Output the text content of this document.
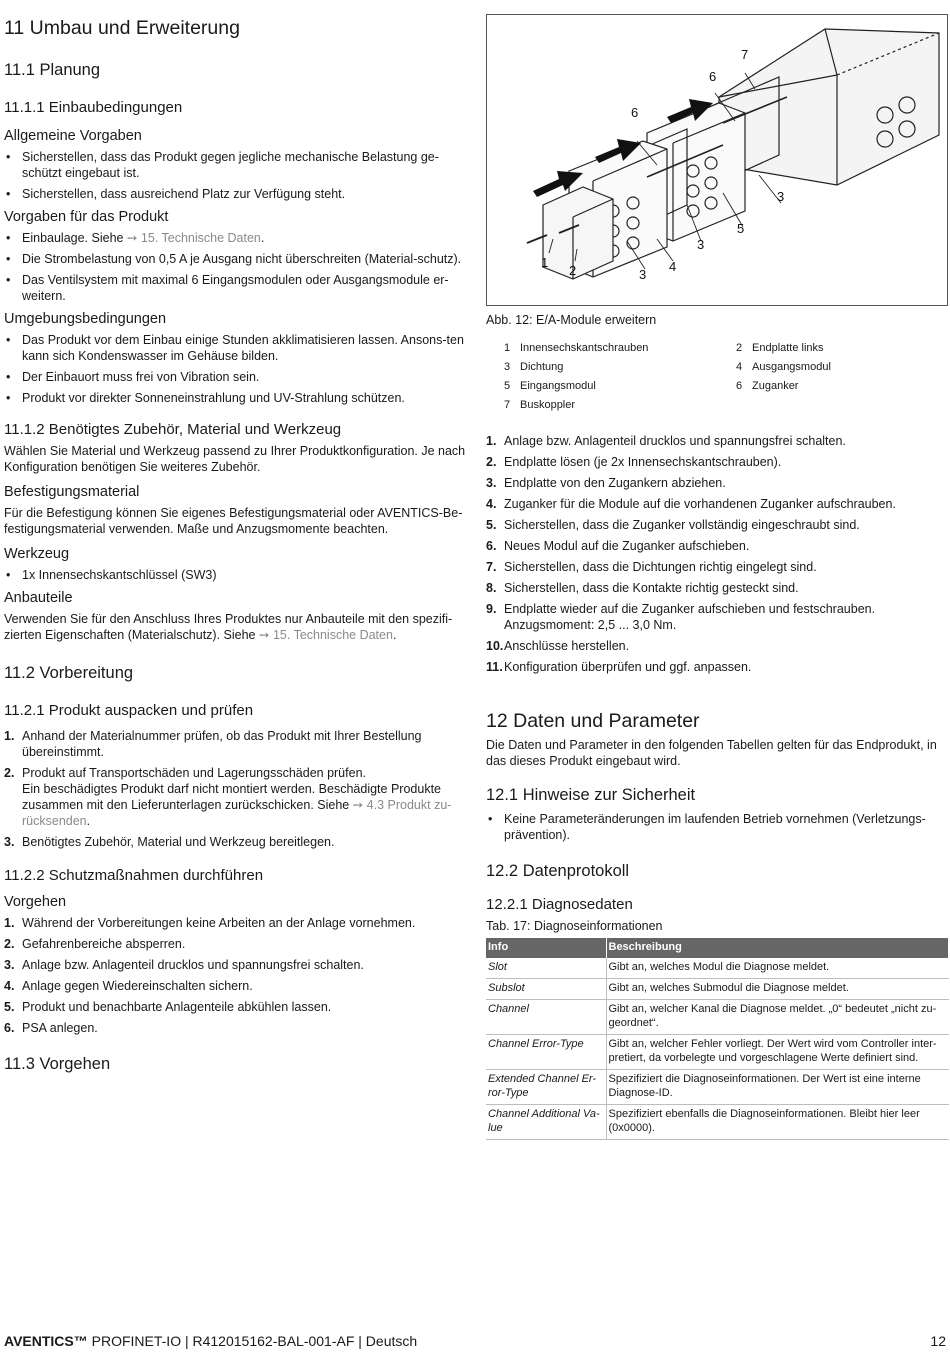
11 Umbau und Erweiterung
11.1 Planung
11.1.1 Einbaubedingungen
Allgemeine Vorgaben
• Sicherstellen, dass das Produkt gegen jegliche mechanische Belastung ge-schützt eingebaut ist.
• Sicherstellen, dass ausreichend Platz zur Verfügung steht.
Vorgaben für das Produkt
• Einbaulage. Siehe ➙ 15. Technische Daten.
• Die Strombelastung von 0,5 A je Ausgang nicht überschreiten (Material-schutz).
• Das Ventilsystem mit maximal 6 Eingangsmodulen oder Ausgangsmodule er-weitern.
Umgebungsbedingungen
• Das Produkt vor dem Einbau einige Stunden akklimatisieren lassen. Ansons-ten kann sich Kondenswasser im Gehäuse bilden.
• Der Einbauort muss frei von Vibration sein.
• Produkt vor direkter Sonneneinstrahlung und UV-Strahlung schützen.
11.1.2 Benötigtes Zubehör, Material und Werkzeug

Wählen Sie Material und Werkzeug passend zu Ihrer Produktkonfiguration. Je nach Konfiguration benötigen Sie weiteres Zubehör.

Befestigungsmaterial

Für die Befestigung können Sie eigenes Befestigungsmaterial oder AVENTICS-Be-festigungsmaterial verwenden. Maße und Anzugsmomente beachten.

Werkzeug
• 1x Innensechskantschlüssel (SW3)
Anbauteile

Verwenden Sie für den Anschluss Ihres Produktes nur Anbauteile mit den spezifi-zierten Eigenschaften (Materialschutz). Siehe ➙ 15. Technische Daten.

11.2 Vorbereitung
11.2.1 Produkt auspacken und prüfen
1. Anhand der Materialnummer prüfen, ob das Produkt mit Ihrer Bestellung übereinstimmt.
2. Produkt auf Transportschäden und Lagerungsschäden prüfen.
Ein beschädigtes Produkt darf nicht montiert werden. Beschädigte Produkte zusammen mit den Lieferunterlagen zurückschicken. Siehe ➙ 4.3 Produkt zu-rücksenden.
3. Benötigtes Zubehör, Material und Werkzeug bereitlegen.
11.2.2 Schutzmaßnahmen durchführen
Vorgehen
1. Während der Vorbereitungen keine Arbeiten an der Anlage vornehmen.
2. Gefahrenbereiche absperren.
3. Anlage bzw. Anlagenteil drucklos und spannungsfrei schalten.
4. Anlage gegen Wiedereinschalten sichern.
5. Produkt und benachbarte Anlagenteile abkühlen lassen.
6. PSA anlegen.
11.3 Vorgehen
1
2	3
3
3
4
5
6
6
7
Abb. 12: E/A-Module erweitern
1 Innensechskantschrauben	2 Endplatte links
3 Dichtung	4 Ausgangsmodul
5 Eingangsmodul	6 Zuganker
7 Buskoppler
1. Anlage bzw. Anlagenteil drucklos und spannungsfrei schalten.
2. Endplatte lösen (je 2x Innensechskantschrauben).
3. Endplatte von den Zugankern abziehen.
4. Zuganker für die Module auf die vorhandenen Zuganker aufschrauben.
5. Sicherstellen, dass die Zuganker vollständig eingeschraubt sind.
6. Neues Modul auf die Zuganker aufschieben.
7. Sicherstellen, dass die Dichtungen richtig eingelegt sind.
8. Sicherstellen, dass die Kontakte richtig gesteckt sind.
9. Endplatte wieder auf die Zuganker aufschieben und festschrauben.
Anzugsmoment: 2,5 ... 3,0 Nm.
10. Anschlüsse herstellen.
11. Konfiguration überprüfen und ggf. anpassen.
12 Daten und Parameter

Die Daten und Parameter in den folgenden Tabellen gelten für das Endprodukt, in das dieses Produkt eingebaut wird.

12.1 Hinweise zur Sicherheit
• Keine Parameteränderungen im laufenden Betrieb vornehmen (Verletzungs-prävention).
12.2 Datenprotokoll
12.2.1 Diagnosedaten
Tab. 17: Diagnoseinformationen
Info	Beschreibung
Slot	Gibt an, welches Modul die Diagnose meldet.
Subslot	Gibt an, welches Submodul die Diagnose meldet.
Channel	Gibt an, welcher Kanal die Diagnose meldet. „0“ bedeutet „nicht zu-geordnet“.
Channel Error-Type	Gibt an, welcher Fehler vorliegt. Der Wert wird vom Controller inter-pretiert, da vorbelegte und vorgeschlagene Werte definiert sind.
Extended Channel Er-ror-Type	Spezifiziert die Diagnoseinformationen. Der Wert ist eine interne Diagnose-ID.
Channel Additional Va-lue	Spezifiziert ebenfalls die Diagnoseinformationen. Bleibt hier leer (0x0000).
AVENTICS™ PROFINET-IO | R412015162-BAL-001-AF | Deutsch	12
